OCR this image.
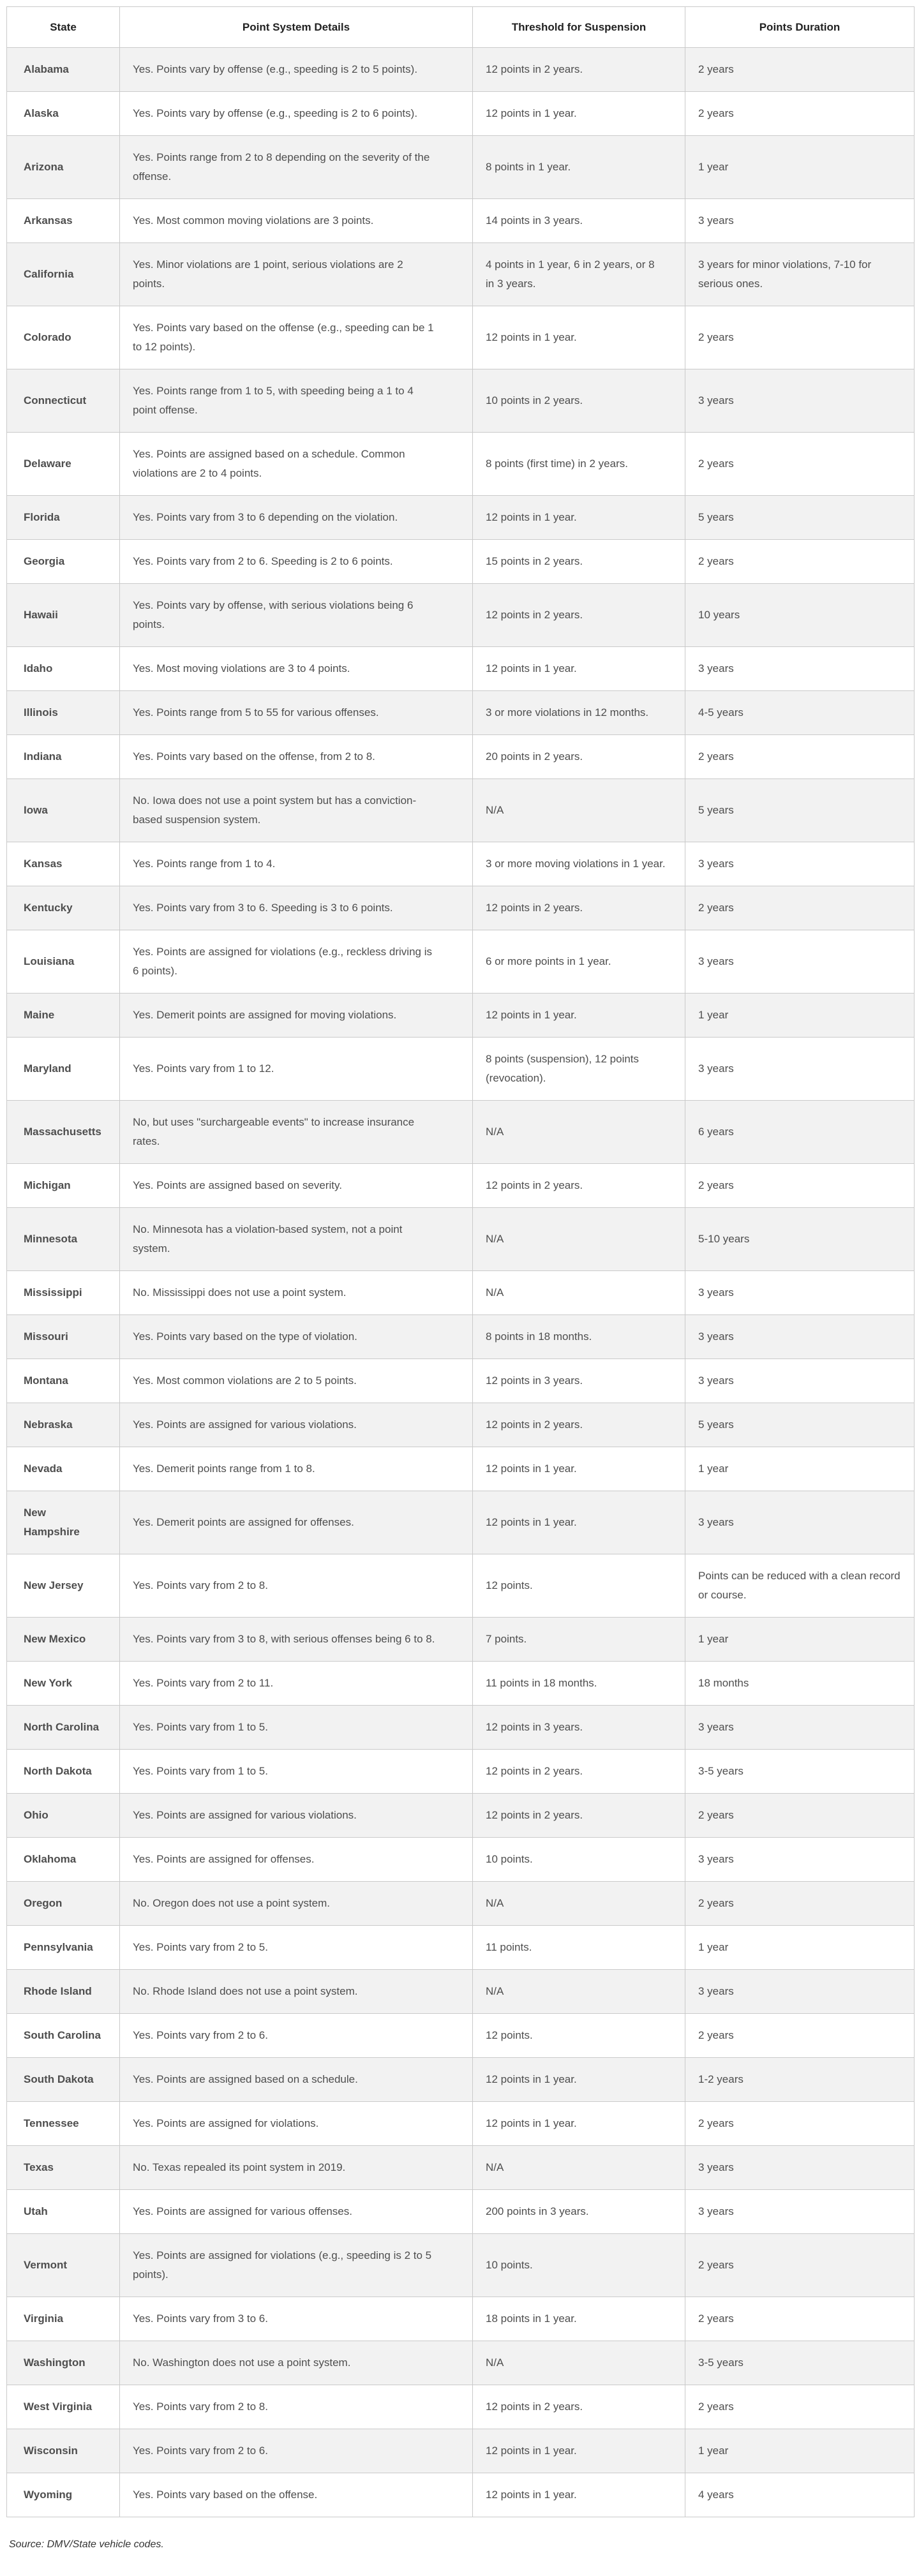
State	Point System Details	Threshold for Suspension	Points Duration
Alabama	Yes. Points vary by offense (e.g., speeding is 2 to 5 points).	12 points in 2 years.	2 years
Alaska	Yes. Points vary by offense (e.g., speeding is 2 to 6 points).	12 points in 1 year.	2 years
Arizona	Yes. Points range from 2 to 8 depending on the severity of the offense.	8 points in 1 year.	1 year
Arkansas	Yes. Most common moving violations are 3 points.	14 points in 3 years.	3 years
California	Yes. Minor violations are 1 point, serious violations are 2 points.	4 points in 1 year, 6 in 2 years, or 8 in 3 years.	3 years for minor violations, 7-10 for serious ones.
Colorado	Yes. Points vary based on the offense (e.g., speeding can be 1 to 12 points).	12 points in 1 year.	2 years
Connecticut	Yes. Points range from 1 to 5, with speeding being a 1 to 4 point offense.	10 points in 2 years.	3 years
Delaware	Yes. Points are assigned based on a schedule. Common violations are 2 to 4 points.	8 points (first time) in 2 years.	2 years
Florida	Yes. Points vary from 3 to 6 depending on the violation.	12 points in 1 year.	5 years
Georgia	Yes. Points vary from 2 to 6. Speeding is 2 to 6 points.	15 points in 2 years.	2 years
Hawaii	Yes. Points vary by offense, with serious violations being 6 points.	12 points in 2 years.	10 years
Idaho	Yes. Most moving violations are 3 to 4 points.	12 points in 1 year.	3 years
Illinois	Yes. Points range from 5 to 55 for various offenses.	3 or more violations in 12 months.	4-5 years
Indiana	Yes. Points vary based on the offense, from 2 to 8.	20 points in 2 years.	2 years
Iowa	No. Iowa does not use a point system but has a conviction-based suspension system.	N/A	5 years
Kansas	Yes. Points range from 1 to 4.	3 or more moving violations in 1 year.	3 years
Kentucky	Yes. Points vary from 3 to 6. Speeding is 3 to 6 points.	12 points in 2 years.	2 years
Louisiana	Yes. Points are assigned for violations (e.g., reckless driving is 6 points).	6 or more points in 1 year.	3 years
Maine	Yes. Demerit points are assigned for moving violations.	12 points in 1 year.	1 year
Maryland	Yes. Points vary from 1 to 12.	8 points (suspension), 12 points (revocation).	3 years
Massachusetts	No, but uses "surchargeable events" to increase insurance rates.	N/A	6 years
Michigan	Yes. Points are assigned based on severity.	12 points in 2 years.	2 years
Minnesota	No. Minnesota has a violation-based system, not a point system.	N/A	5-10 years
Mississippi	No. Mississippi does not use a point system.	N/A	3 years
Missouri	Yes. Points vary based on the type of violation.	8 points in 18 months.	3 years
Montana	Yes. Most common violations are 2 to 5 points.	12 points in 3 years.	3 years
Nebraska	Yes. Points are assigned for various violations.	12 points in 2 years.	5 years
Nevada	Yes. Demerit points range from 1 to 8.	12 points in 1 year.	1 year
New Hampshire	Yes. Demerit points are assigned for offenses.	12 points in 1 year.	3 years
New Jersey	Yes. Points vary from 2 to 8.	12 points.	Points can be reduced with a clean record or course.
New Mexico	Yes. Points vary from 3 to 8, with serious offenses being 6 to 8.	7 points.	1 year
New York	Yes. Points vary from 2 to 11.	11 points in 18 months.	18 months
North Carolina	Yes. Points vary from 1 to 5.	12 points in 3 years.	3 years
North Dakota	Yes. Points vary from 1 to 5.	12 points in 2 years.	3-5 years
Ohio	Yes. Points are assigned for various violations.	12 points in 2 years.	2 years
Oklahoma	Yes. Points are assigned for offenses.	10 points.	3 years
Oregon	No. Oregon does not use a point system.	N/A	2 years
Pennsylvania	Yes. Points vary from 2 to 5.	11 points.	1 year
Rhode Island	No. Rhode Island does not use a point system.	N/A	3 years
South Carolina	Yes. Points vary from 2 to 6.	12 points.	2 years
South Dakota	Yes. Points are assigned based on a schedule.	12 points in 1 year.	1-2 years
Tennessee	Yes. Points are assigned for violations.	12 points in 1 year.	2 years
Texas	No. Texas repealed its point system in 2019.	N/A	3 years
Utah	Yes. Points are assigned for various offenses.	200 points in 3 years.	3 years
Vermont	Yes. Points are assigned for violations (e.g., speeding is 2 to 5 points).	10 points.	2 years
Virginia	Yes. Points vary from 3 to 6.	18 points in 1 year.	2 years
Washington	No. Washington does not use a point system.	N/A	3-5 years
West Virginia	Yes. Points vary from 2 to 8.	12 points in 2 years.	2 years
Wisconsin	Yes. Points vary from 2 to 6.	12 points in 1 year.	1 year
Wyoming	Yes. Points vary based on the offense.	12 points in 1 year.	4 years

Source: DMV/State vehicle codes.
